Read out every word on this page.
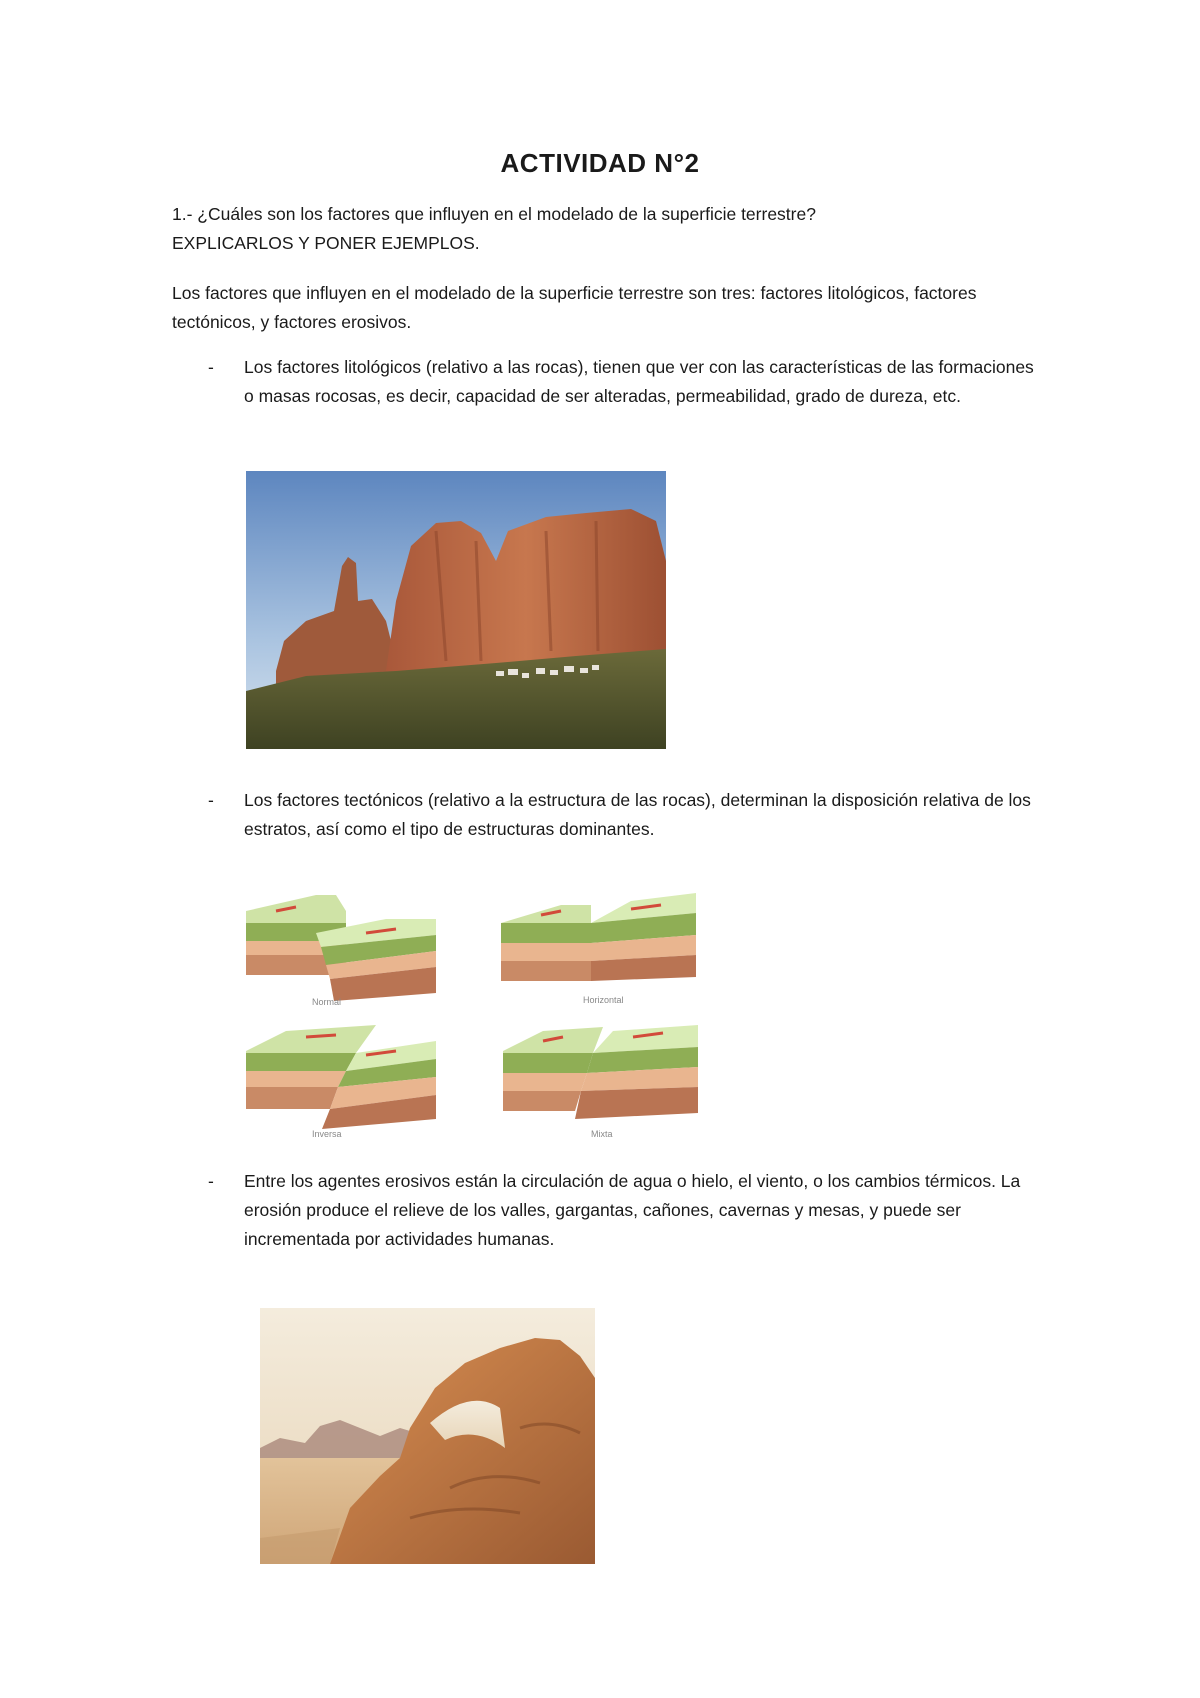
ACTIVIDAD N°2
1.- ¿Cuáles son los factores que influyen en el modelado de la superficie terrestre?
EXPLICARLOS Y PONER EJEMPLOS.
Los factores que influyen en el modelado de la superficie terrestre son tres: factores litológicos, factores tectónicos, y factores erosivos.
- Los factores litológicos (relativo a las rocas), tienen que ver con las características de las formaciones o masas rocosas, es decir, capacidad de ser alteradas, permeabilidad, grado de dureza, etc.
- Los factores tectónicos (relativo a la estructura de las rocas), determinan la disposición relativa de los estratos, así como el tipo de estructuras dominantes.
Normal	Horizontal
Inversa	Mixta
- Entre los agentes erosivos están la circulación de agua o hielo, el viento, o los cambios térmicos. La erosión produce el relieve de los valles, gargantas, cañones, cavernas y mesas, y puede ser incrementada por actividades humanas.
